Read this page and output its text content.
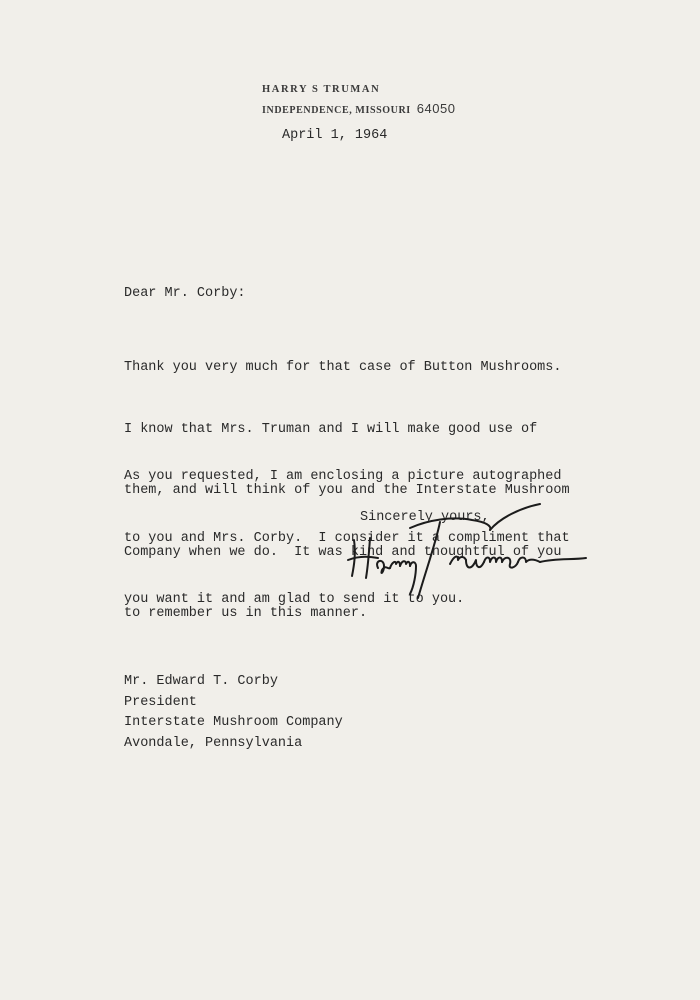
HARRY S TRUMAN
INDEPENDENCE, MISSOURI 64050
April 1, 1964
Dear Mr. Corby:

Thank you very much for that case of Button Mushrooms.

I know that Mrs. Truman and I will make good use of

them, and will think of you and the Interstate Mushroom

Company when we do.  It was kind and thoughtful of you

to remember us in this manner.

As you requested, I am enclosing a picture autographed

to you and Mrs. Corby.  I consider it a compliment that

you want it and am glad to send it to you.

Sincerely yours,
Mr. Edward T. Corby
President
Interstate Mushroom Company
Avondale, Pennsylvania
